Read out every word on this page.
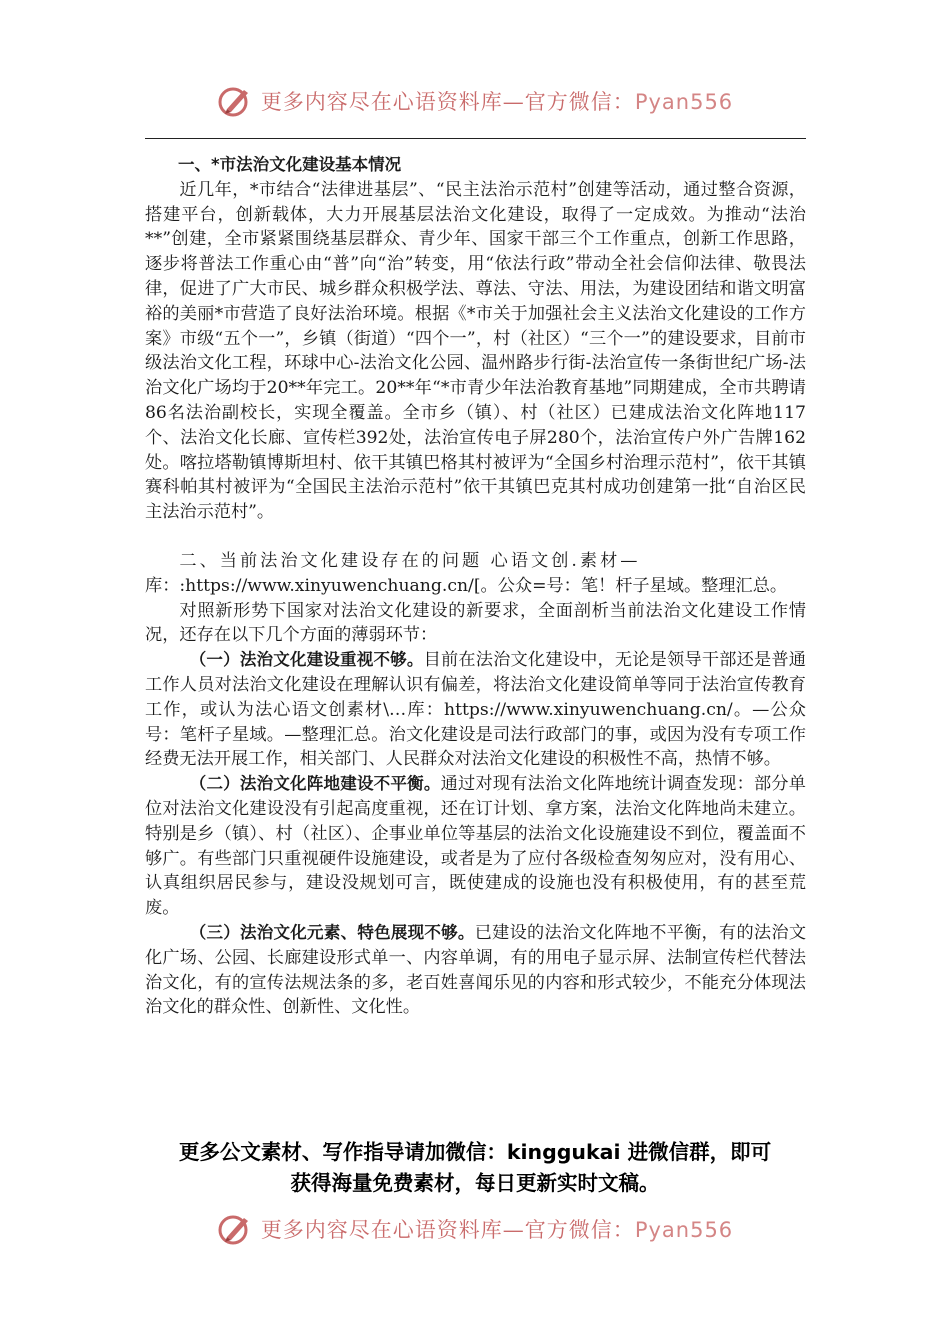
更多内容尽在心语资料库—官方微信：Pyan556

一、*市法治文化建设基本情况

近几年，*市结合“法律进基层”、“民主法治示范村”创建等活动，通过整合资源，搭建平台，创新载体，大力开展基层法治文化建设，取得了一定成效。为推动“法治**”创建，全市紧紧围绕基层群众、青少年、国家干部三个工作重点，创新工作思路，逐步将普法工作重心由“普”向“治”转变，用“依法行政”带动全社会信仰法律、敬畏法律，促进了广大市民、城乡群众积极学法、尊法、守法、用法，为建设团结和谐文明富裕的美丽*市营造了良好法治环境。根据《*市关于加强社会主义法治文化建设的工作方案》市级“五个一”，乡镇（街道）“四个一”，村（社区）“三个一”的建设要求，目前市级法治文化工程，环球中心-法治文化公园、温州路步行街-法治宣传一条街世纪广场-法治文化广场均于20**年完工。20**年“*市青少年法治教育基地”同期建成，全市共聘请86名法治副校长，实现全覆盖。全市乡（镇）、村（社区）已建成法治文化阵地117个、法治文化长廊、宣传栏392处，法治宣传电子屏280个，法治宣传户外广告牌162处。喀拉塔勒镇博斯坦村、依干其镇巴格其村被评为“全国乡村治理示范村”，依干其镇赛科帕其村被评为“全国民主法治示范村”依干其镇巴克其村成功创建第一批“自治区民主法治示范村”。

二、当前法治文化建设存在的问题 心语文创.素材—

库：:https://www.xinyuwenchuang.cn/[。公众=号：笔！杆子星域。整理汇总。

对照新形势下国家对法治文化建设的新要求，全面剖析当前法治文化建设工作情况，还存在以下几个方面的薄弱环节：

（一）法治文化建设重视不够。目前在法治文化建设中，无论是领导干部还是普通工作人员对法治文化建设在理解认识有偏差，将法治文化建设简单等同于法治宣传教育工作，或认为法心语文创素材\…库：https://www.xinyuwenchuang.cn/。—公众号：笔杆子星域。—整理汇总。治文化建设是司法行政部门的事，或因为没有专项工作经费无法开展工作，相关部门、人民群众对法治文化建设的积极性不高，热情不够。

（二）法治文化阵地建设不平衡。通过对现有法治文化阵地统计调查发现：部分单位对法治文化建设没有引起高度重视，还在订计划、拿方案，法治文化阵地尚未建立。特别是乡（镇）、村（社区）、企事业单位等基层的法治文化设施建设不到位，覆盖面不够广。有些部门只重视硬件设施建设，或者是为了应付各级检查匆匆应对，没有用心、认真组织居民参与，建设没规划可言，既使建成的设施也没有积极使用，有的甚至荒废。

（三）法治文化元素、特色展现不够。已建设的法治文化阵地不平衡，有的法治文化广场、公园、长廊建设形式单一、内容单调，有的用电子显示屏、法制宣传栏代替法治文化，有的宣传法规法条的多，老百姓喜闻乐见的内容和形式较少，不能充分体现法治文化的群众性、创新性、文化性。

更多公文素材、写作指导请加微信：kinggukai 进微信群，即可
获得海量免费素材，每日更新实时文稿。
更多内容尽在心语资料库—官方微信：Pyan556
